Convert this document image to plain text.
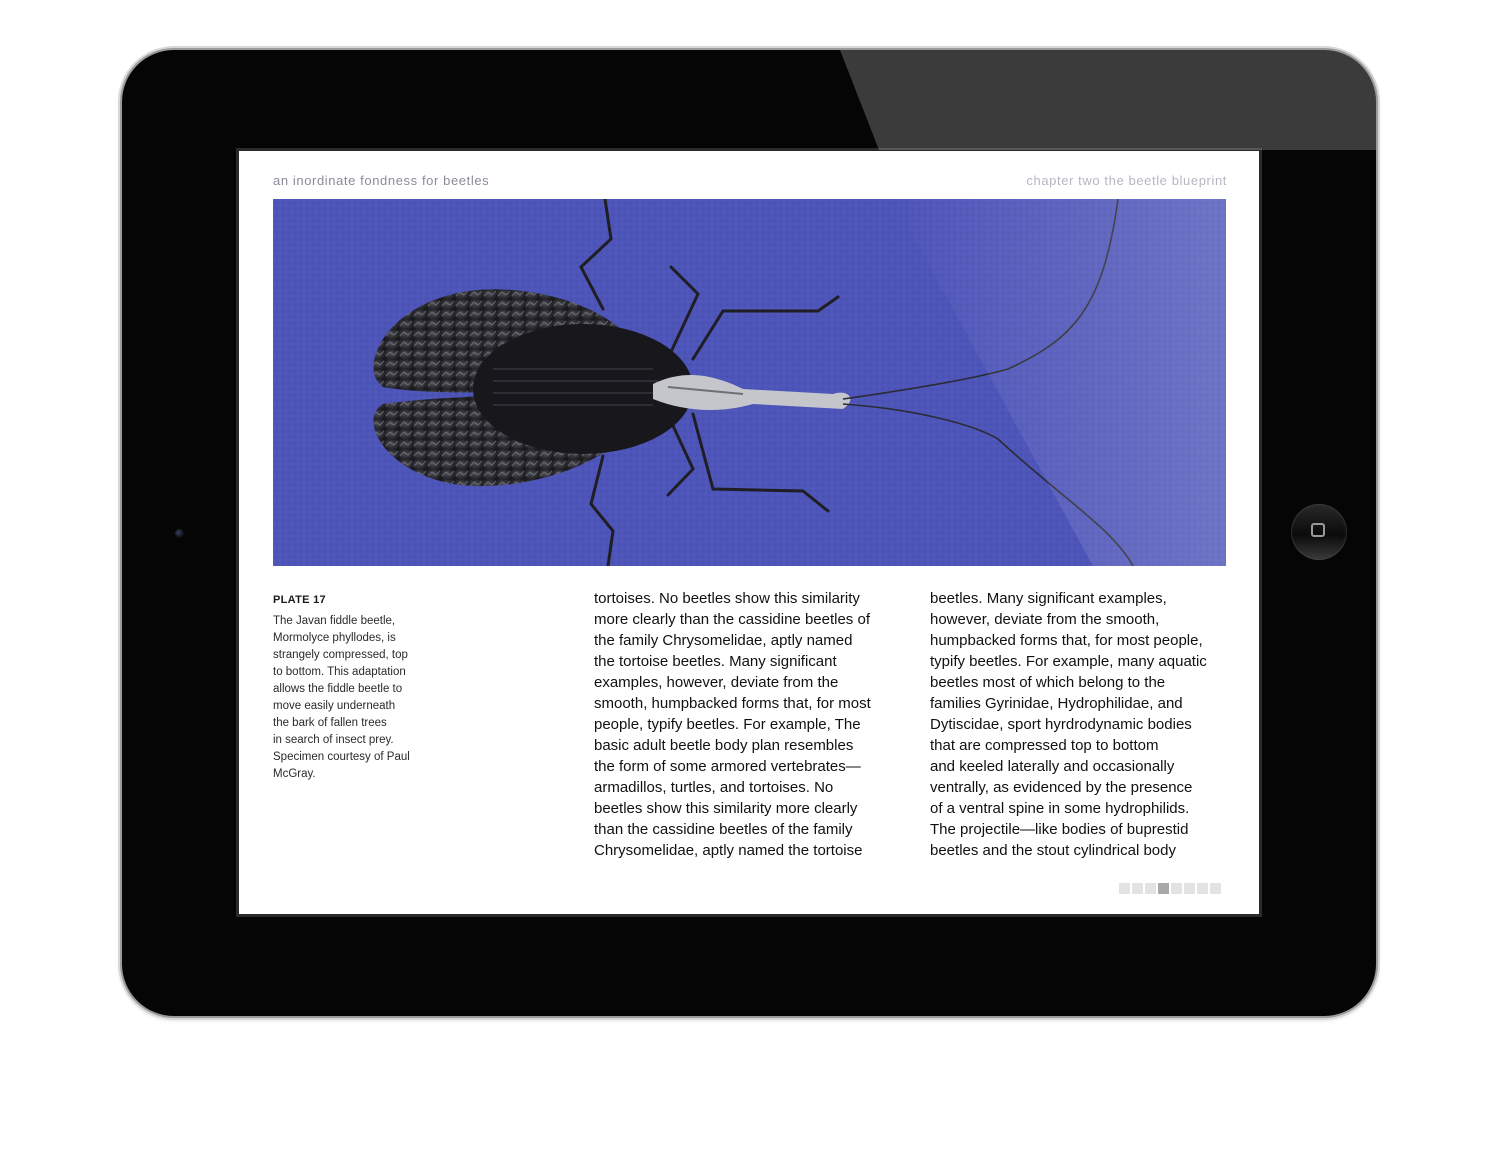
an inordinate fondness for beetles	chapter two the beetle blueprint
PLATE 17
The Javan fiddle beetle,
Mormolyce phyllodes, is
strangely compressed, top
to bottom. This adaptation
allows the fiddle beetle to
move easily underneath
the bark of fallen trees
in search of insect prey.
Specimen courtesy of Paul
McGray.
tortoises. No beetles show this similarity
more clearly than the cassidine beetles of
the family Chrysomelidae, aptly named
the tortoise beetles. Many significant
examples, however, deviate from the
smooth, humpbacked forms that, for most
people, typify beetles. For example, The
basic adult beetle body plan resembles
the form of some armored vertebrates—
armadillos, turtles, and tortoises. No
beetles show this similarity more clearly
than the cassidine beetles of the family
Chrysomelidae, aptly named the tortoise
beetles. Many significant examples,
however, deviate from the smooth,
humpbacked forms that, for most people,
typify beetles. For example, many aquatic
beetles most of which belong to the
families Gyrinidae, Hydrophilidae, and
Dytiscidae, sport hyrdrodynamic bodies
that are compressed top to bottom
and keeled laterally and occasionally
ventrally, as evidenced by the presence
of a ventral spine in some hydrophilids.
The projectile—like bodies of buprestid
beetles and the stout cylindrical body
